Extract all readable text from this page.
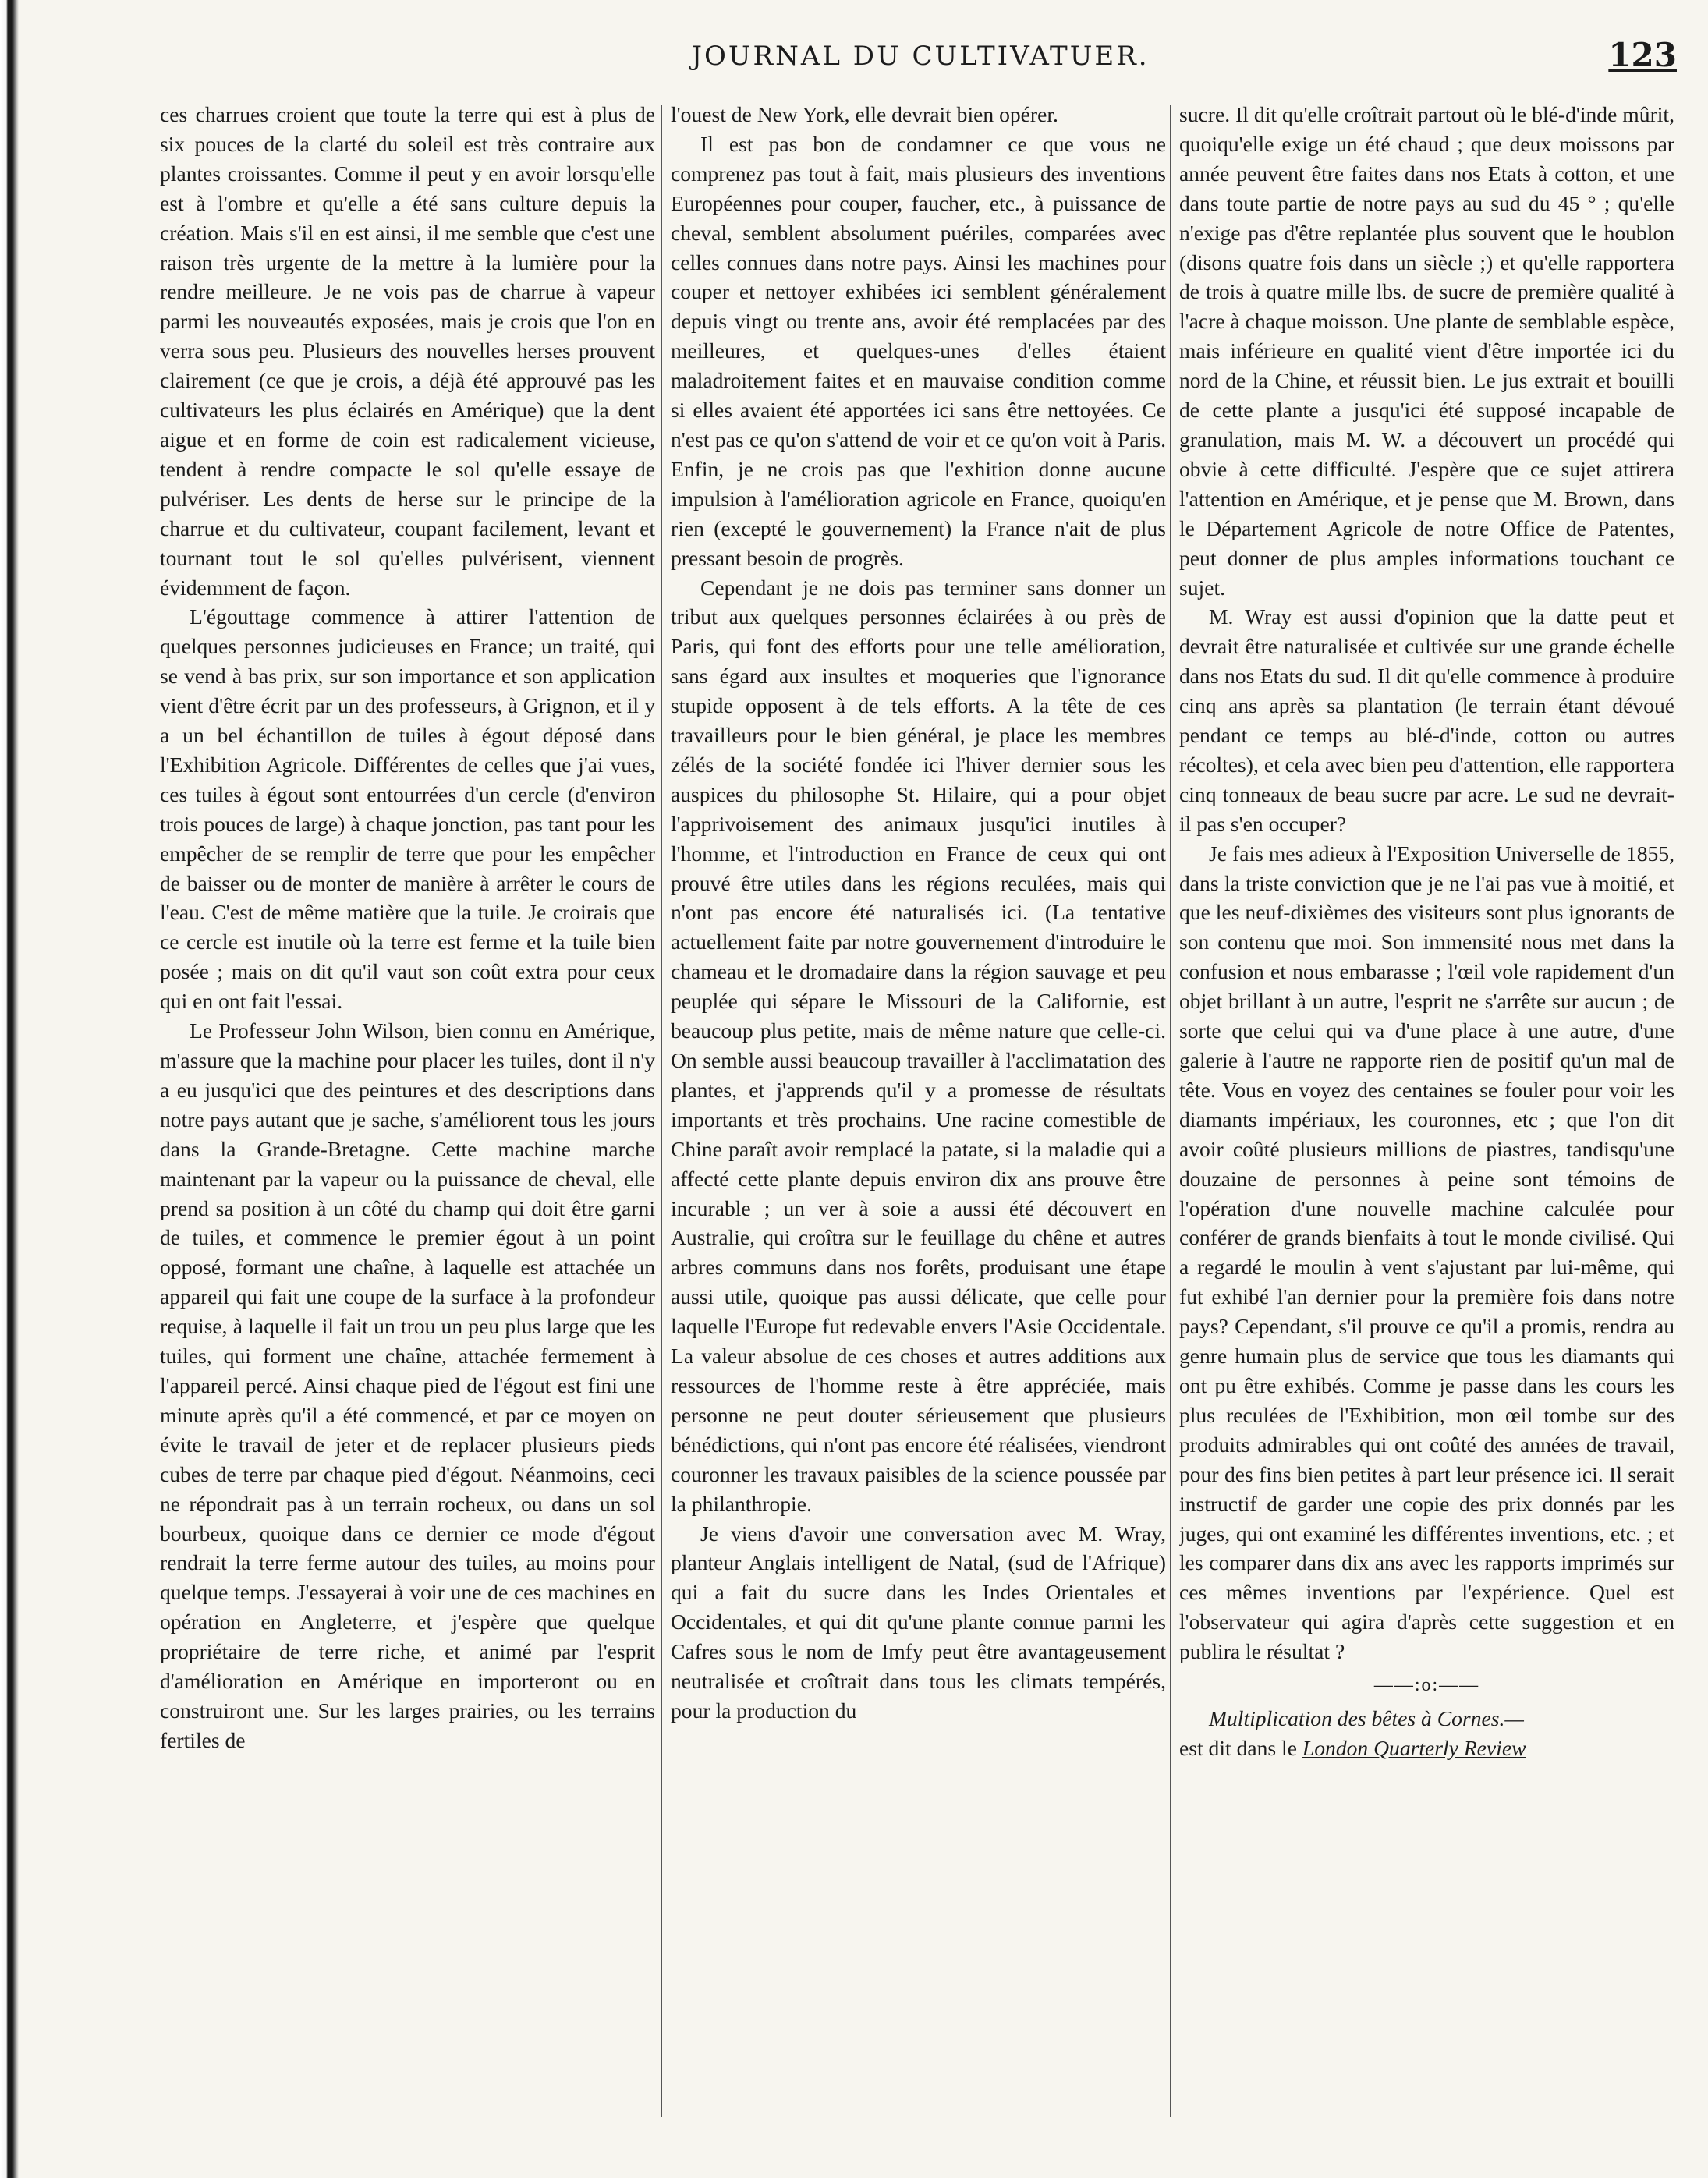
JOURNAL DU CULTIVATUER.	123

ces charrues croient que toute la terre qui est à plus de six pouces de la clarté du soleil est très contraire aux plantes croissantes. Comme il peut y en avoir lorsqu'elle est à l'ombre et qu'elle a été sans culture depuis la création. Mais s'il en est ainsi, il me semble que c'est une raison très urgente de la mettre à la lumière pour la rendre meilleure. Je ne vois pas de charrue à vapeur parmi les nouveautés exposées, mais je crois que l'on en verra sous peu. Plusieurs des nouvelles herses prouvent clairement (ce que je crois, a déjà été approuvé pas les cultivateurs les plus éclairés en Amérique) que la dent aigue et en forme de coin est radicalement vicieuse, tendent à rendre compacte le sol qu'elle essaye de pulvériser. Les dents de herse sur le principe de la charrue et du cultivateur, coupant facilement, levant et tournant tout le sol qu'elles pulvérisent, viennent évidemment de façon.

L'égouttage commence à attirer l'attention de quelques personnes judicieuses en France; un traité, qui se vend à bas prix, sur son importance et son application vient d'être écrit par un des professeurs, à Grignon, et il y a un bel échantillon de tuiles à égout déposé dans l'Exhibition Agricole. Différentes de celles que j'ai vues, ces tuiles à égout sont entourrées d'un cercle (d'environ trois pouces de large) à chaque jonction, pas tant pour les empêcher de se remplir de terre que pour les empêcher de baisser ou de monter de manière à arrêter le cours de l'eau. C'est de même matière que la tuile. Je croirais que ce cercle est inutile où la terre est ferme et la tuile bien posée ; mais on dit qu'il vaut son coût extra pour ceux qui en ont fait l'essai.

Le Professeur John Wilson, bien connu en Amérique, m'assure que la machine pour placer les tuiles, dont il n'y a eu jusqu'ici que des peintures et des descriptions dans notre pays autant que je sache, s'améliorent tous les jours dans la Grande-Bretagne. Cette machine marche maintenant par la vapeur ou la puissance de cheval, elle prend sa position à un côté du champ qui doit être garni de tuiles, et commence le premier égout à un point opposé, formant une chaîne, à laquelle est attachée un appareil qui fait une coupe de la surface à la profondeur requise, à laquelle il fait un trou un peu plus large que les tuiles, qui forment une chaîne, attachée fermement à l'appareil percé. Ainsi chaque pied de l'égout est fini une minute après qu'il a été commencé, et par ce moyen on évite le travail de jeter et de replacer plusieurs pieds cubes de terre par chaque pied d'égout. Néanmoins, ceci ne répondrait pas à un terrain rocheux, ou dans un sol bourbeux, quoique dans ce dernier ce mode d'égout rendrait la terre ferme autour des tuiles, au moins pour quelque temps. J'essayerai à voir une de ces machines en opération en Angleterre, et j'espère que quelque propriétaire de terre riche, et animé par l'esprit d'amélioration en Amérique en importeront ou en construiront une. Sur les larges prairies, ou les terrains fertiles de

l'ouest de New York, elle devrait bien opérer.

Il est pas bon de condamner ce que vous ne comprenez pas tout à fait, mais plusieurs des inventions Européennes pour couper, faucher, etc., à puissance de cheval, semblent absolument puériles, comparées avec celles connues dans notre pays. Ainsi les machines pour couper et nettoyer exhibées ici semblent généralement depuis vingt ou trente ans, avoir été remplacées par des meilleures, et quelques-unes d'elles étaient maladroitement faites et en mauvaise condition comme si elles avaient été apportées ici sans être nettoyées. Ce n'est pas ce qu'on s'attend de voir et ce qu'on voit à Paris. Enfin, je ne crois pas que l'exhition donne aucune impulsion à l'amélioration agricole en France, quoiqu'en rien (excepté le gouvernement) la France n'ait de plus pressant besoin de progrès.

Cependant je ne dois pas terminer sans donner un tribut aux quelques personnes éclairées à ou près de Paris, qui font des efforts pour une telle amélioration, sans égard aux insultes et moqueries que l'ignorance stupide opposent à de tels efforts. A la tête de ces travailleurs pour le bien général, je place les membres zélés de la société fondée ici l'hiver dernier sous les auspices du philosophe St. Hilaire, qui a pour objet l'apprivoisement des animaux jusqu'ici inutiles à l'homme, et l'introduction en France de ceux qui ont prouvé être utiles dans les régions reculées, mais qui n'ont pas encore été naturalisés ici. (La tentative actuellement faite par notre gouvernement d'introduire le chameau et le dromadaire dans la région sauvage et peu peuplée qui sépare le Missouri de la Californie, est beaucoup plus petite, mais de même nature que celle-ci. On semble aussi beaucoup travailler à l'acclimatation des plantes, et j'apprends qu'il y a promesse de résultats importants et très prochains. Une racine comestible de Chine paraît avoir remplacé la patate, si la maladie qui a affecté cette plante depuis environ dix ans prouve être incurable ; un ver à soie a aussi été découvert en Australie, qui croîtra sur le feuillage du chêne et autres arbres communs dans nos forêts, produisant une étape aussi utile, quoique pas aussi délicate, que celle pour laquelle l'Europe fut redevable envers l'Asie Occidentale. La valeur absolue de ces choses et autres additions aux ressources de l'homme reste à être appréciée, mais personne ne peut douter sérieusement que plusieurs bénédictions, qui n'ont pas encore été réalisées, viendront couronner les travaux paisibles de la science poussée par la philanthropie.

Je viens d'avoir une conversation avec M. Wray, planteur Anglais intelligent de Natal, (sud de l'Afrique) qui a fait du sucre dans les Indes Orientales et Occidentales, et qui dit qu'une plante connue parmi les Cafres sous le nom de Imfy peut être avantageusement neutralisée et croîtrait dans tous les climats tempérés, pour la production du

sucre. Il dit qu'elle croîtrait partout où le blé-d'inde mûrit, quoiqu'elle exige un été chaud ; que deux moissons par année peuvent être faites dans nos Etats à cotton, et une dans toute partie de notre pays au sud du 45 ° ; qu'elle n'exige pas d'être replantée plus souvent que le houblon (disons quatre fois dans un siècle ;) et qu'elle rapportera de trois à quatre mille lbs. de sucre de première qualité à l'acre à chaque moisson. Une plante de semblable espèce, mais inférieure en qualité vient d'être importée ici du nord de la Chine, et réussit bien. Le jus extrait et bouilli de cette plante a jusqu'ici été supposé incapable de granulation, mais M. W. a découvert un procédé qui obvie à cette difficulté. J'espère que ce sujet attirera l'attention en Amérique, et je pense que M. Brown, dans le Département Agricole de notre Office de Patentes, peut donner de plus amples informations touchant ce sujet.

M. Wray est aussi d'opinion que la datte peut et devrait être naturalisée et cultivée sur une grande échelle dans nos Etats du sud. Il dit qu'elle commence à produire cinq ans après sa plantation (le terrain étant dévoué pendant ce temps au blé-d'inde, cotton ou autres récoltes), et cela avec bien peu d'attention, elle rapportera cinq tonneaux de beau sucre par acre. Le sud ne devrait-il pas s'en occuper?

Je fais mes adieux à l'Exposition Universelle de 1855, dans la triste conviction que je ne l'ai pas vue à moitié, et que les neuf-dixièmes des visiteurs sont plus ignorants de son contenu que moi. Son immensité nous met dans la confusion et nous embarasse ; l'œil vole rapidement d'un objet brillant à un autre, l'esprit ne s'arrête sur aucun ; de sorte que celui qui va d'une place à une autre, d'une galerie à l'autre ne rapporte rien de positif qu'un mal de tête. Vous en voyez des centaines se fouler pour voir les diamants impériaux, les couronnes, etc ; que l'on dit avoir coûté plusieurs millions de piastres, tandisqu'une douzaine de personnes à peine sont témoins de l'opération d'une nouvelle machine calculée pour conférer de grands bienfaits à tout le monde civilisé. Qui a regardé le moulin à vent s'ajustant par lui-même, qui fut exhibé l'an dernier pour la première fois dans notre pays? Cependant, s'il prouve ce qu'il a promis, rendra au genre humain plus de service que tous les diamants qui ont pu être exhibés. Comme je passe dans les cours les plus reculées de l'Exhibition, mon œil tombe sur des produits admirables qui ont coûté des années de travail, pour des fins bien petites à part leur présence ici. Il serait instructif de garder une copie des prix donnés par les juges, qui ont examiné les différentes inventions, etc. ; et les comparer dans dix ans avec les rapports imprimés sur ces mêmes inventions par l'expérience. Quel est l'observateur qui agira d'après cette suggestion et en publira le résultat ?

——:o:——

Multiplication des bêtes à Cornes.—
est dit dans le London Quarterly Review
